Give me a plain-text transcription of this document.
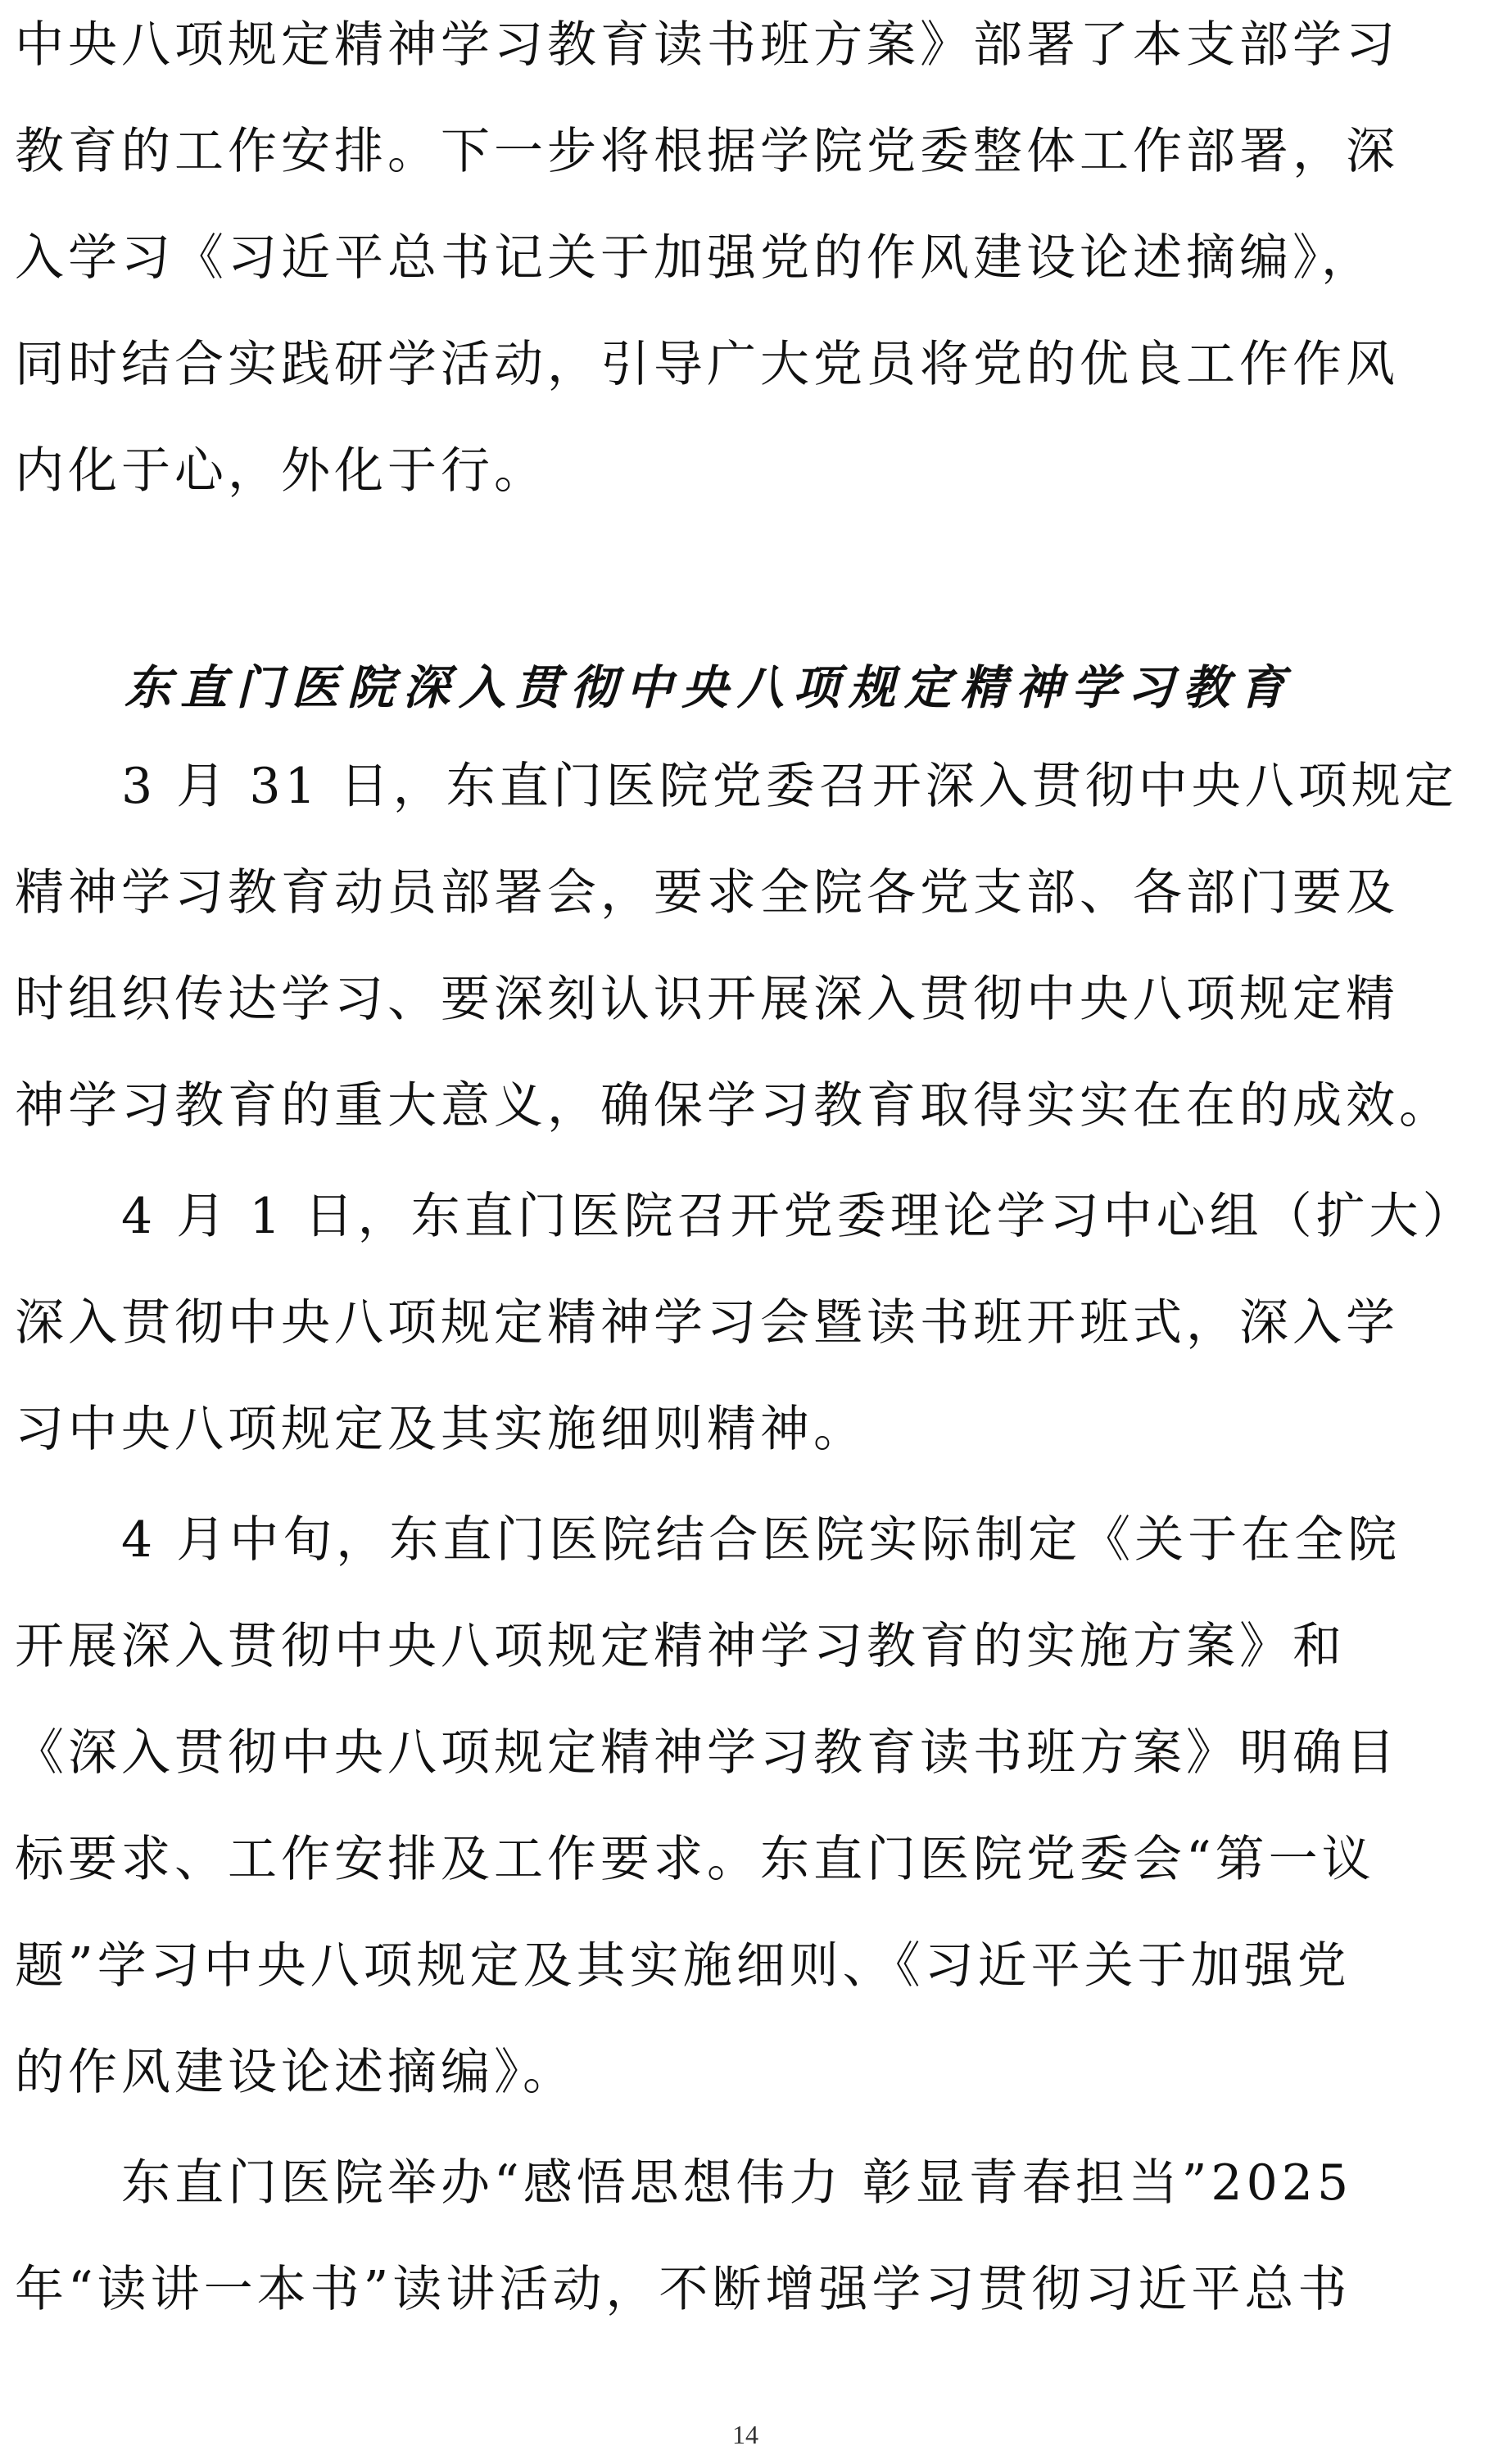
中央八项规定精神学习教育读书班方案》部署了本支部学习
教育的工作安排。下一步将根据学院党委整体工作部署，深
入学习《习近平总书记关于加强党的作风建设论述摘编》，
同时结合实践研学活动，引导广大党员将党的优良工作作风
内化于心，外化于行。
东直门医院深入贯彻中央八项规定精神学习教育
3 月 31 日，东直门医院党委召开深入贯彻中央八项规定
精神学习教育动员部署会，要求全院各党支部、各部门要及
时组织传达学习、要深刻认识开展深入贯彻中央八项规定精
神学习教育的重大意义，确保学习教育取得实实在在的成效。
4 月 1 日，东直门医院召开党委理论学习中心组（扩大）
深入贯彻中央八项规定精神学习会暨读书班开班式，深入学
习中央八项规定及其实施细则精神。
4 月中旬，东直门医院结合医院实际制定《关于在全院
开展深入贯彻中央八项规定精神学习教育的实施方案》和
《深入贯彻中央八项规定精神学习教育读书班方案》明确目
标要求、工作安排及工作要求。东直门医院党委会“第一议
题”学习中央八项规定及其实施细则、《习近平关于加强党
的作风建设论述摘编》。
东直门医院举办“感悟思想伟力 彰显青春担当”2025
年“读讲一本书”读讲活动，不断增强学习贯彻习近平总书
14
